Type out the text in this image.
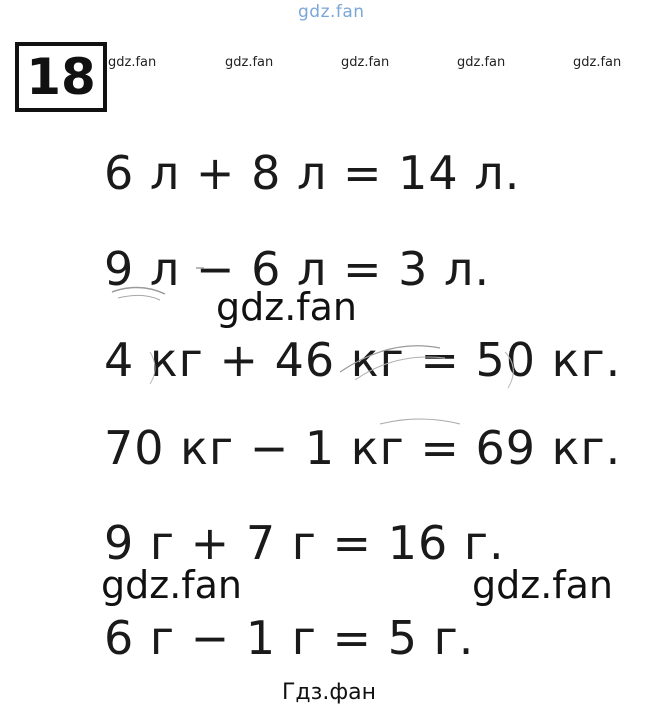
gdz.fan
18 gdz.fan	gdz.fan	gdz.fan	gdz.fan	gdz.fan
6 л + 8 л = 14 л.
9 л − 6 л = 3 л.
4 кг + 46 кг = 50 кг.
70 кг − 1 кг = 69 кг.
9 г + 7 г = 16 г.
6 г − 1 г = 5 г.
gdz.fan
gdz.fan	gdz.fan
Гдз.фан
